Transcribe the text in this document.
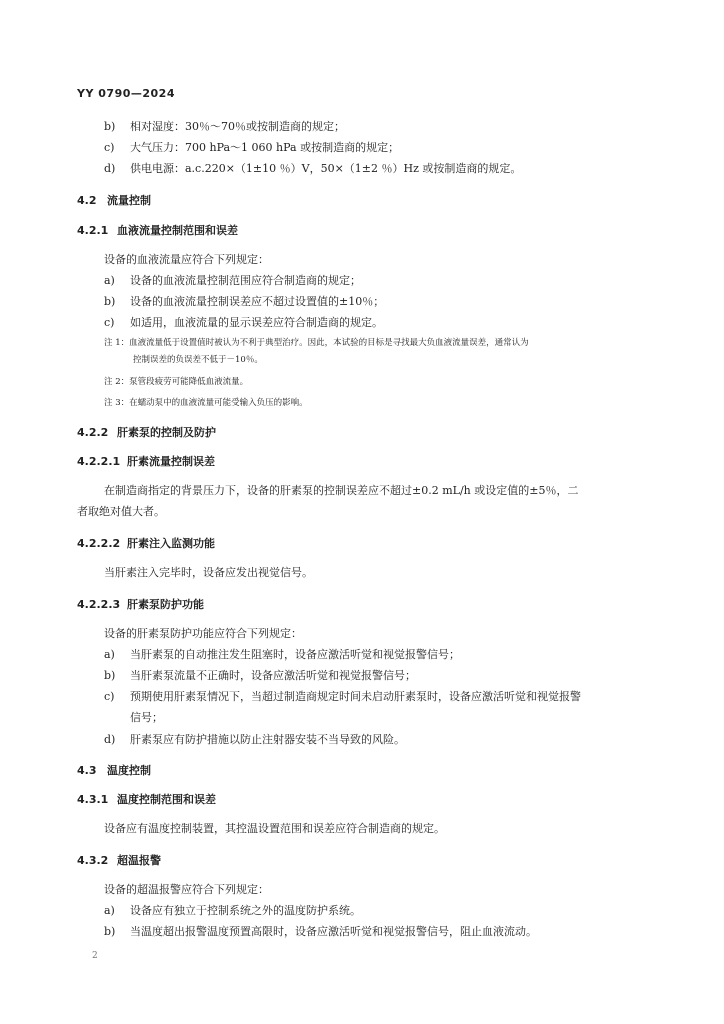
YY 0790—2024
b) 相对湿度：30％～70％或按制造商的规定；
c) 大气压力：700 hPa～1 060 hPa 或按制造商的规定；
d) 供电电源：a.c.220×（1±10 ％）V，50×（1±2 ％）Hz 或按制造商的规定。
4.2 流量控制
4.2.1 血液流量控制范围和误差
设备的血液流量应符合下列规定：
a) 设备的血液流量控制范围应符合制造商的规定；
b) 设备的血液流量控制误差应不超过设置值的±10％；
c) 如适用，血液流量的显示误差应符合制造商的规定。
注 1：血液流量低于设置值时被认为不利于典型治疗。因此，本试验的目标是寻找最大负血液流量误差，通常认为
控制误差的负误差不低于－10％。
注 2：泵管段疲劳可能降低血液流量。
注 3：在蠕动泵中的血液流量可能受输入负压的影响。
4.2.2 肝素泵的控制及防护
4.2.2.1 肝素流量控制误差
在制造商指定的背景压力下，设备的肝素泵的控制误差应不超过±0.2 mL/h 或设定值的±5％，二
者取绝对值大者。
4.2.2.2 肝素注入监测功能
当肝素注入完毕时，设备应发出视觉信号。
4.2.2.3 肝素泵防护功能
设备的肝素泵防护功能应符合下列规定：
a) 当肝素泵的自动推注发生阻塞时，设备应激活听觉和视觉报警信号；
b) 当肝素泵流量不正确时，设备应激活听觉和视觉报警信号；
c) 预期使用肝素泵情况下，当超过制造商规定时间未启动肝素泵时，设备应激活听觉和视觉报警
信号；
d) 肝素泵应有防护措施以防止注射器安装不当导致的风险。
4.3 温度控制
4.3.1 温度控制范围和误差
设备应有温度控制装置，其控温设置范围和误差应符合制造商的规定。
4.3.2 超温报警
设备的超温报警应符合下列规定：
a) 设备应有独立于控制系统之外的温度防护系统。
b) 当温度超出报警温度预置高限时，设备应激活听觉和视觉报警信号，阻止血液流动。
2
